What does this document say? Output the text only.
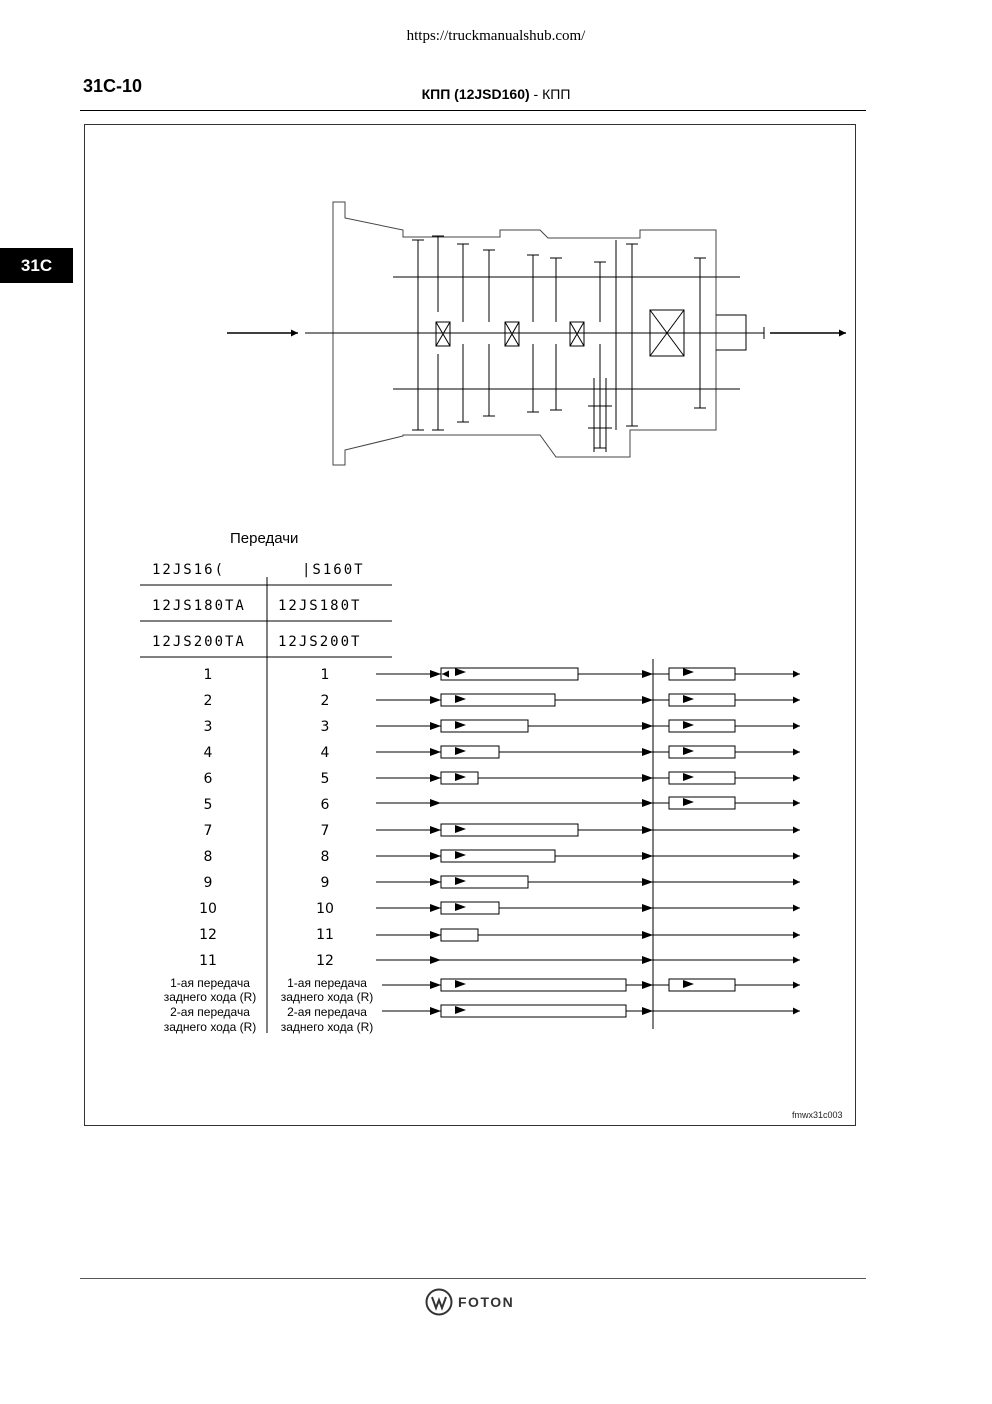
https://truckmanualshub.com/
31C-10	КПП (12JSD160) - КПП
31C
Передачи
12JS16(
12JS180TA
12JS200TA
|S160T
12JS180T
12JS200T
1
2
3
4
6
5
7
8
9
10
12
11
1
2
3
4
5
6
7
8
9
10
11
12
1-ая передача
заднего хода (R)
1-ая передача
заднего хода (R)
2-ая передача
заднего хода (R)
2-ая передача
заднего хода (R)
fmwx31c003
FOTON
